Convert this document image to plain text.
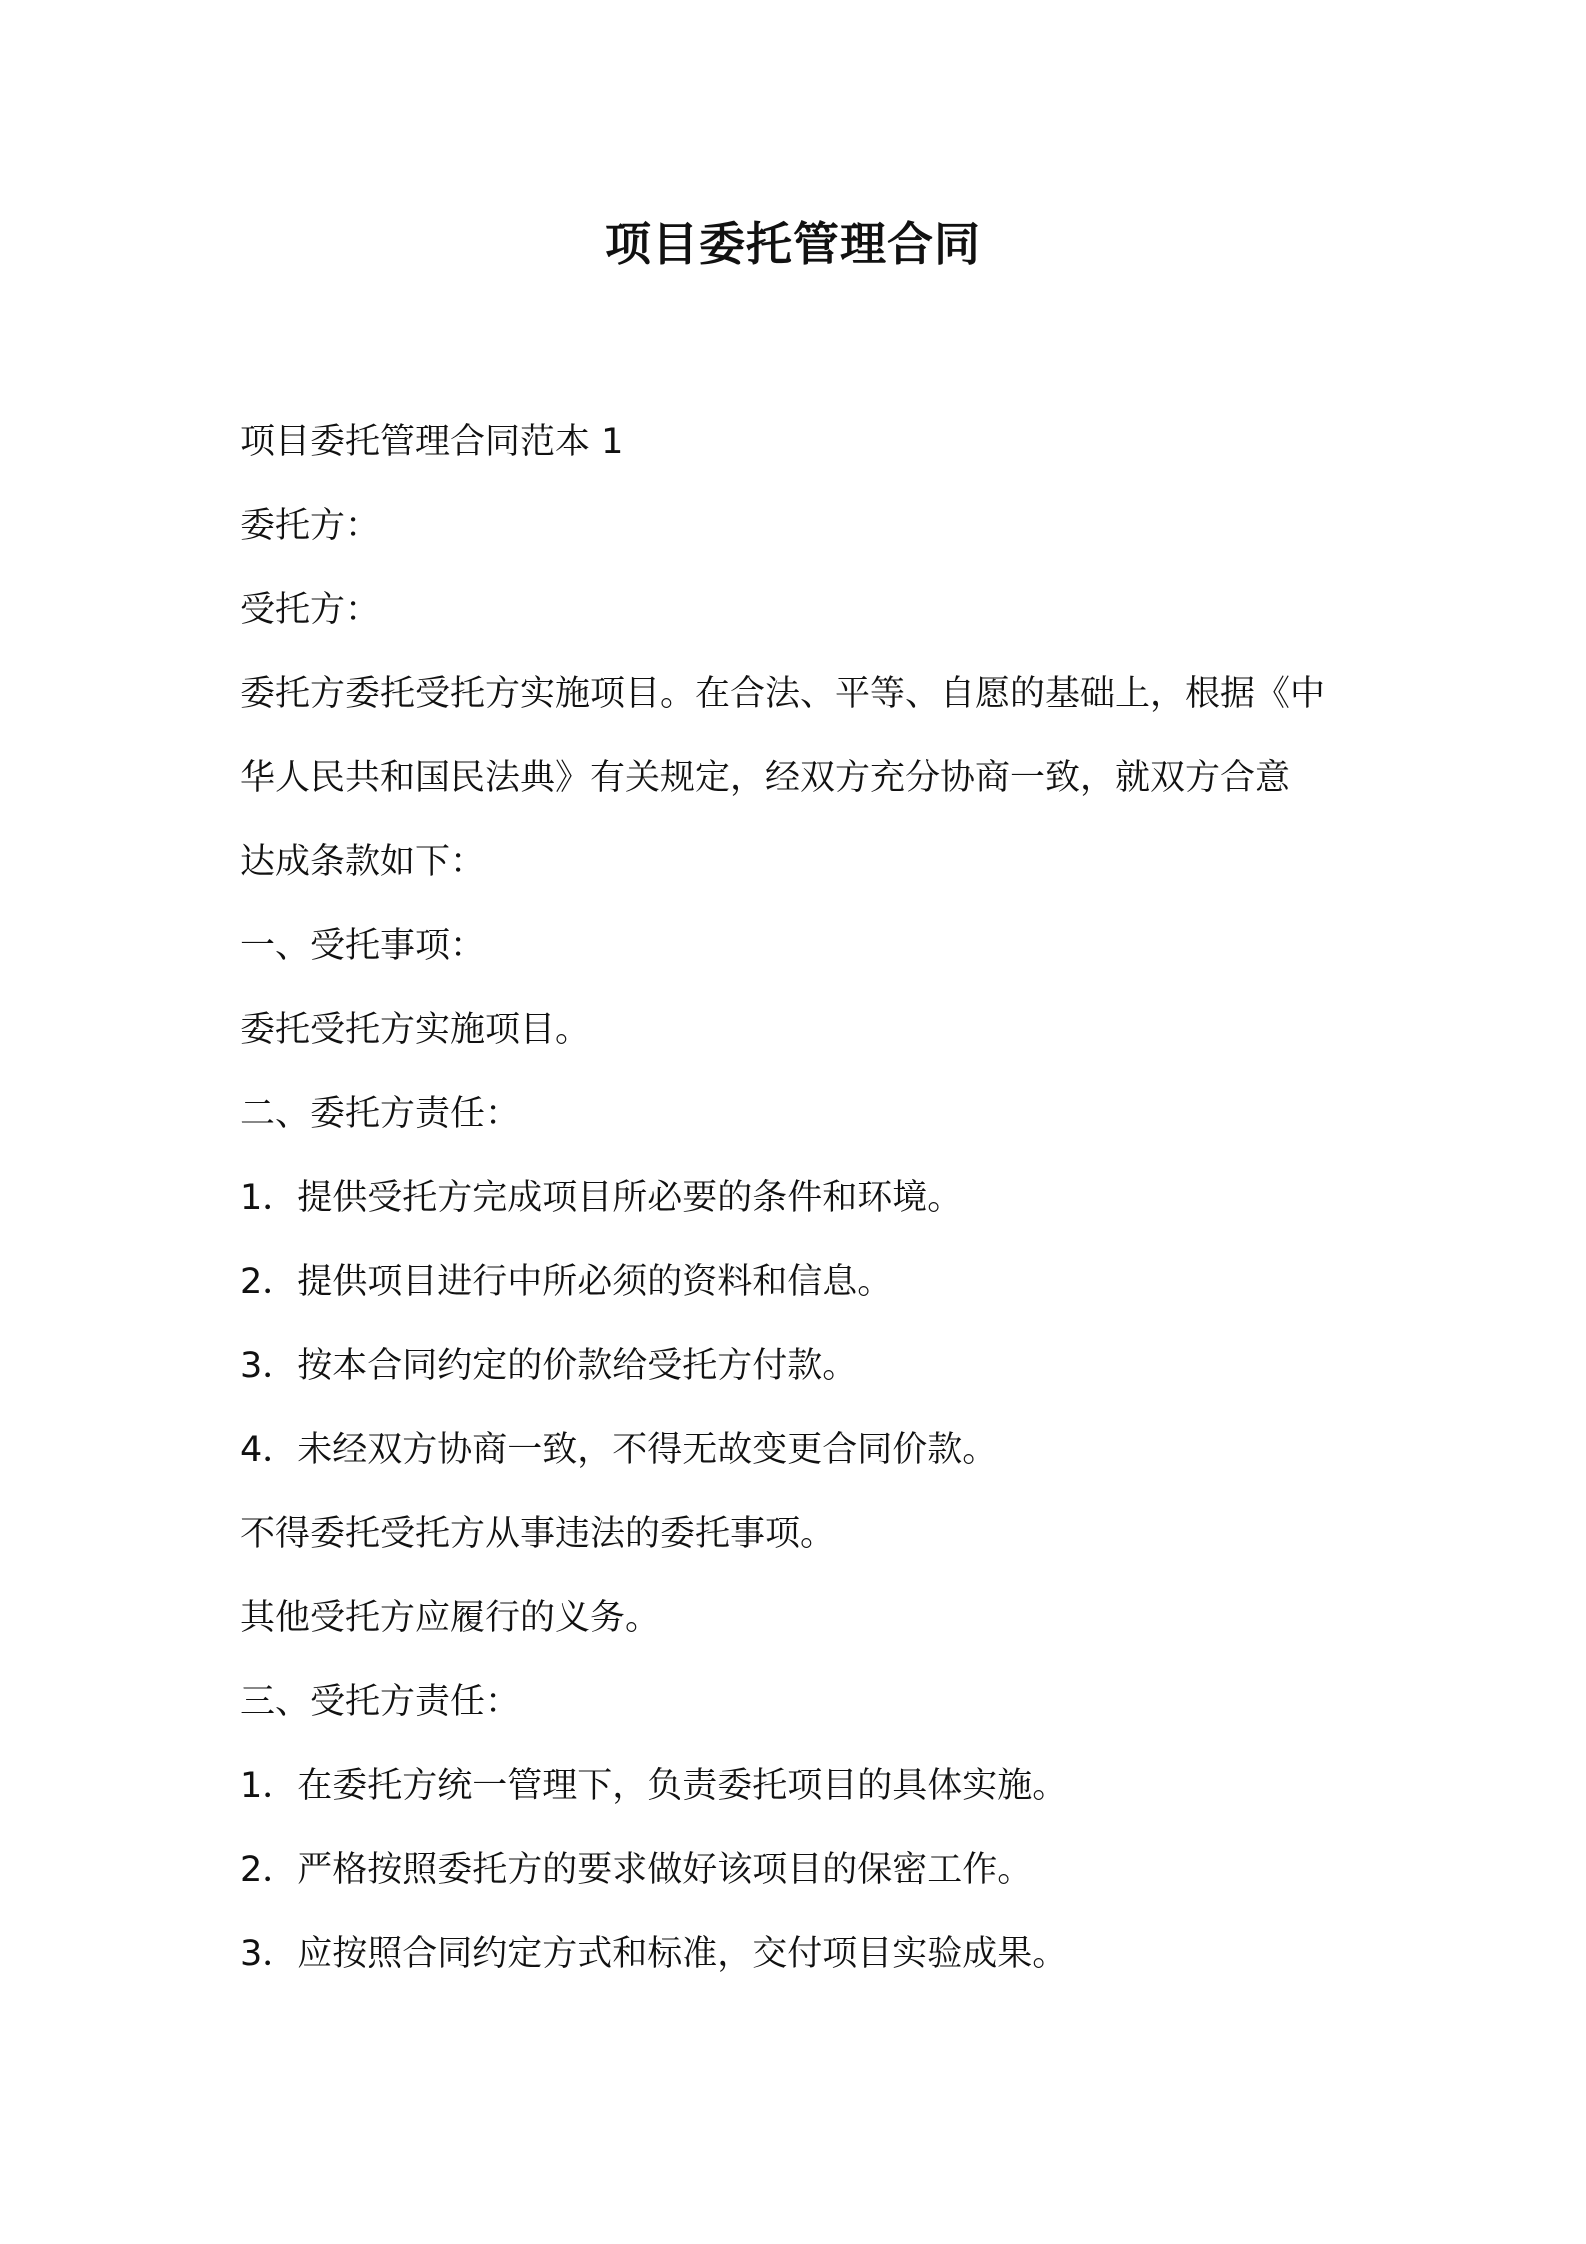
项目委托管理合同

项目委托管理合同范本 1

委托方：

受托方：

委托方委托受托方实施项目。在合法、平等、自愿的基础上，根据《中

华人民共和国民法典》有关规定，经双方充分协商一致，就双方合意

达成条款如下：

一、受托事项：

委托受托方实施项目。

二、委托方责任：

1．提供受托方完成项目所必要的条件和环境。

2．提供项目进行中所必须的资料和信息。

3．按本合同约定的价款给受托方付款。

4．未经双方协商一致，不得无故变更合同价款。

不得委托受托方从事违法的委托事项。

其他受托方应履行的义务。

三、受托方责任：

1．在委托方统一管理下，负责委托项目的具体实施。

2．严格按照委托方的要求做好该项目的保密工作。

3．应按照合同约定方式和标准，交付项目实验成果。
